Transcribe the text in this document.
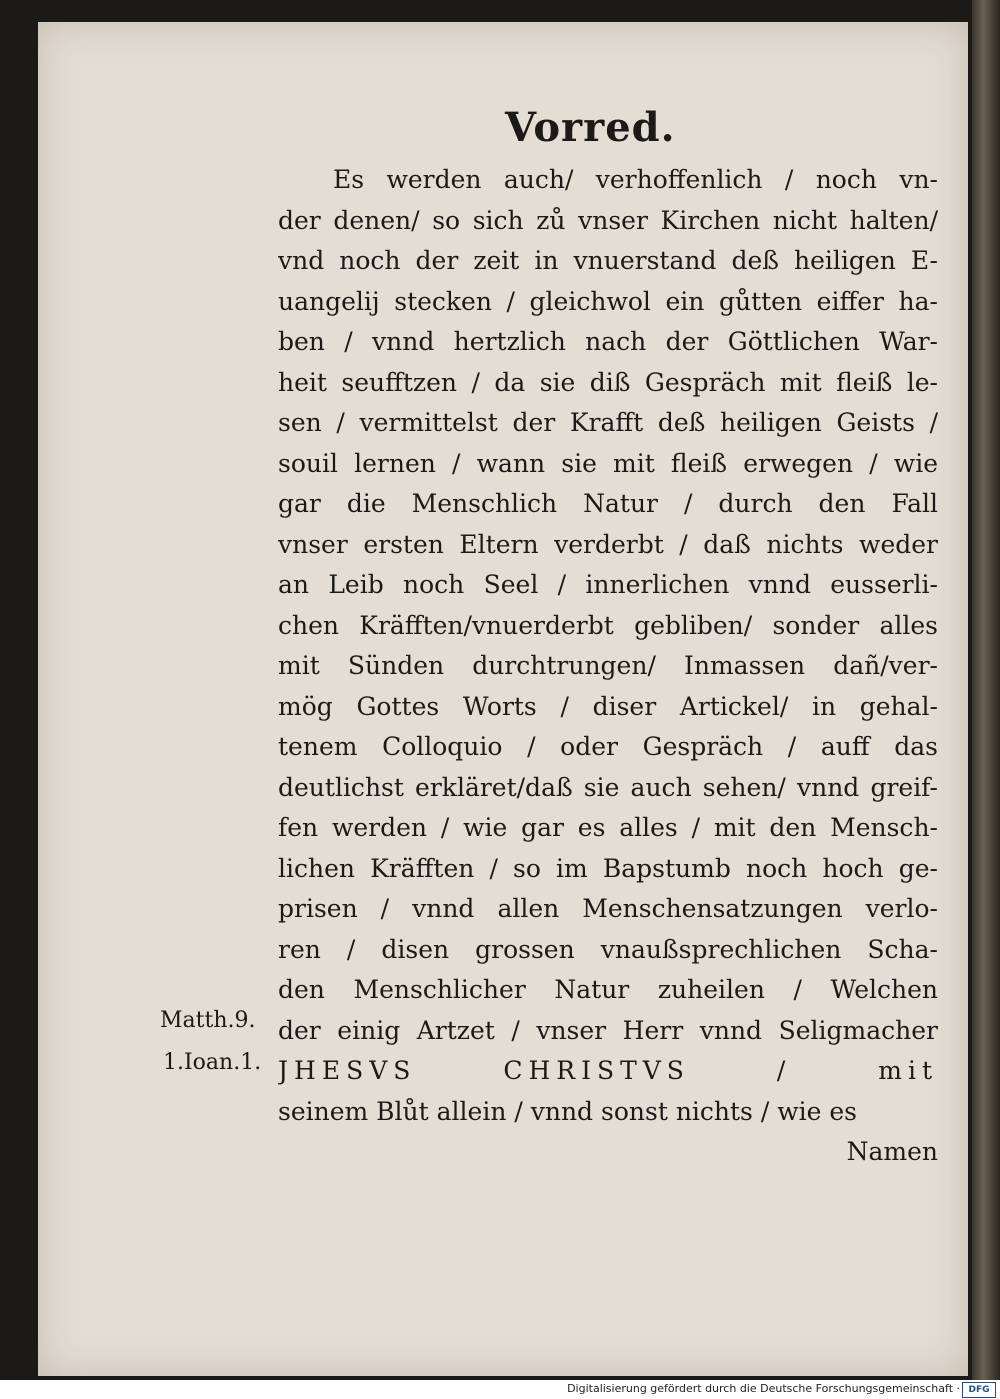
Vorred.
Es werden auch/ verhoffenlich / noch vn-
der denen/ so sich zů vnser Kirchen nicht halten/
vnd noch der zeit in vnuerstand deß heiligen E-
uangelij stecken / gleichwol ein gůtten eiffer ha-
ben / vnnd hertzlich nach der Göttlichen War-
heit seufftzen / da sie diß Gespräch mit fleiß le-
sen / vermittelst der Krafft deß heiligen Geists /
souil lernen / wann sie mit fleiß erwegen / wie
gar die Menschlich Natur / durch den Fall
vnser ersten Eltern verderbt / daß nichts weder
an Leib noch Seel / innerlichen vnnd eusserli-
chen Kräfften/vnuerderbt gebliben/ sonder alles
mit Sünden durchtrungen/ Inmassen dañ/ver-
mög Gottes Worts / diser Artickel/ in gehal-
tenem Colloquio / oder Gespräch / auff das
deutlichst erkläret/daß sie auch sehen/ vnnd greif-
fen werden / wie gar es alles / mit den Mensch-
lichen Kräfften / so im Bapstumb noch hoch ge-
prisen / vnnd allen Menschensatzungen verlo-
ren / disen grossen vnaußsprechlichen Scha-
den Menschlicher Natur zuheilen / Welchen
der einig Artzet / vnser Herr vnnd Seligmacher
JHESVS CHRISTVS / mit
seinem Blůt allein / vnnd sonst nichts / wie es
Namen
Matth.9.
1.Ioan.1.
Digitalisierung gefördert durch die Deutsche Forschungsgemeinschaft · DFG
